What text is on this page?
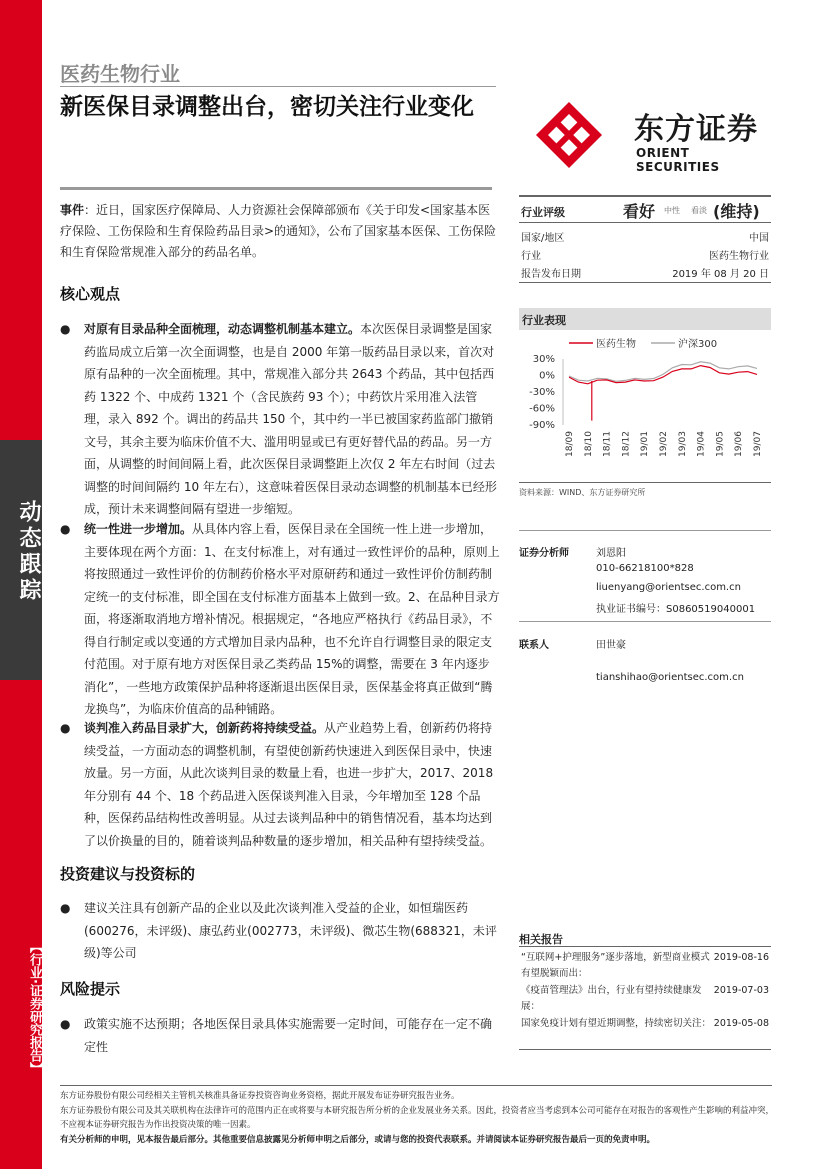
动态跟踪
【行业·证券研究报告】
医药生物行业
新医保目录调整出台，密切关注行业变化
东方证券
ORIENT SECURITIES
事件：近日，国家医疗保障局、人力资源社会保障部颁布《关于印发<国家基本医疗保险、工伤保险和生育保险药品目录>的通知》，公布了国家基本医保、工伤保险和生育保险常规准入部分的药品名单。
核心观点
● 对原有目录品种全面梳理，动态调整机制基本建立。本次医保目录调整是国家药监局成立后第一次全面调整，也是自 2000 年第一版药品目录以来，首次对原有品种的一次全面梳理。其中，常规准入部分共 2643 个药品，其中包括西药 1322 个、中成药 1321 个（含民族药 93 个）；中药饮片采用准入法管理，录入 892 个。调出的药品共 150 个，其中约一半已被国家药监部门撤销文号，其余主要为临床价值不大、滥用明显或已有更好替代品的药品。另一方面，从调整的时间间隔上看，此次医保目录调整距上次仅 2 年左右时间（过去调整的时间间隔约 10 年左右），这意味着医保目录动态调整的机制基本已经形成，预计未来调整间隔有望进一步缩短。
● 统一性进一步增加。从具体内容上看，医保目录在全国统一性上进一步增加，主要体现在两个方面：1、在支付标准上，对有通过一致性评价的品种，原则上将按照通过一致性评价的仿制药价格水平对原研药和通过一致性评价仿制药制定统一的支付标准，即全国在支付标准方面基本上做到一致。2、在品种目录方面，将逐渐取消地方增补情况。根据规定，“各地应严格执行《药品目录》，不得自行制定或以变通的方式增加目录内品种，也不允许自行调整目录的限定支付范围。对于原有地方对医保目录乙类药品 15%的调整，需要在 3 年内逐步消化”，一些地方政策保护品种将逐渐退出医保目录，医保基金将真正做到“腾龙换鸟”，为临床价值高的品种铺路。
● 谈判准入药品目录扩大，创新药将持续受益。从产业趋势上看，创新药仍将持续受益，一方面动态的调整机制，有望使创新药快速进入到医保目录中，快速放量。另一方面，从此次谈判目录的数量上看，也进一步扩大，2017、2018 年分别有 44 个、18 个药品进入医保谈判准入目录，今年增加至 128 个品种，医保药品结构性改善明显。从过去谈判品种中的销售情况看，基本均达到了以价换量的目的，随着谈判品种数量的逐步增加，相关品种有望持续受益。
投资建议与投资标的
● 建议关注具有创新产品的企业以及此次谈判准入受益的企业，如恒瑞医药(600276，未评级)、康弘药业(002773，未评级)、微芯生物(688321，未评级)等公司
风险提示
● 政策实施不达预期；各地医保目录具体实施需要一定时间，可能存在一定不确定性
行业评级	看好 中性 看淡 (维持)
国家/地区	中国
行业	医药生物行业
报告发布日期	2019 年 08 月 20 日
行业表现
医药生物	沪深300
30%
0%
-30%
-60%
-90%
18/09 18/10 18/11 18/12 19/01 19/02 19/03 19/04 19/05 19/06 19/07
资料来源：WIND、东方证券研究所
证券分析师	刘恩阳
010-66218100*828
liuenyang@orientsec.com.cn
执业证书编号：S0860519040001
联系人	田世豪
tianshihao@orientsec.com.cn
相关报告
“互联网+护理服务”逐步落地，新型商业模式有望脱颖而出：
2019-08-16
《疫苗管理法》出台，行业有望持续健康发展：
2019-07-03
国家免疫计划有望近期调整，持续密切关注： 2019-05-08
东方证券股份有限公司经相关主管机关核准具备证券投资咨询业务资格，据此开展发布证券研究报告业务。
东方证券股份有限公司及其关联机构在法律许可的范围内正在或将要与本研究报告所分析的企业发展业务关系。因此，投资者应当考虑到本公司可能存在对报告的客观性产生影响的利益冲突，不应视本证券研究报告为作出投资决策的唯一因素。
有关分析师的申明，见本报告最后部分。其他重要信息披露见分析师申明之后部分，或请与您的投资代表联系。并请阅读本证券研究报告最后一页的免责申明。
